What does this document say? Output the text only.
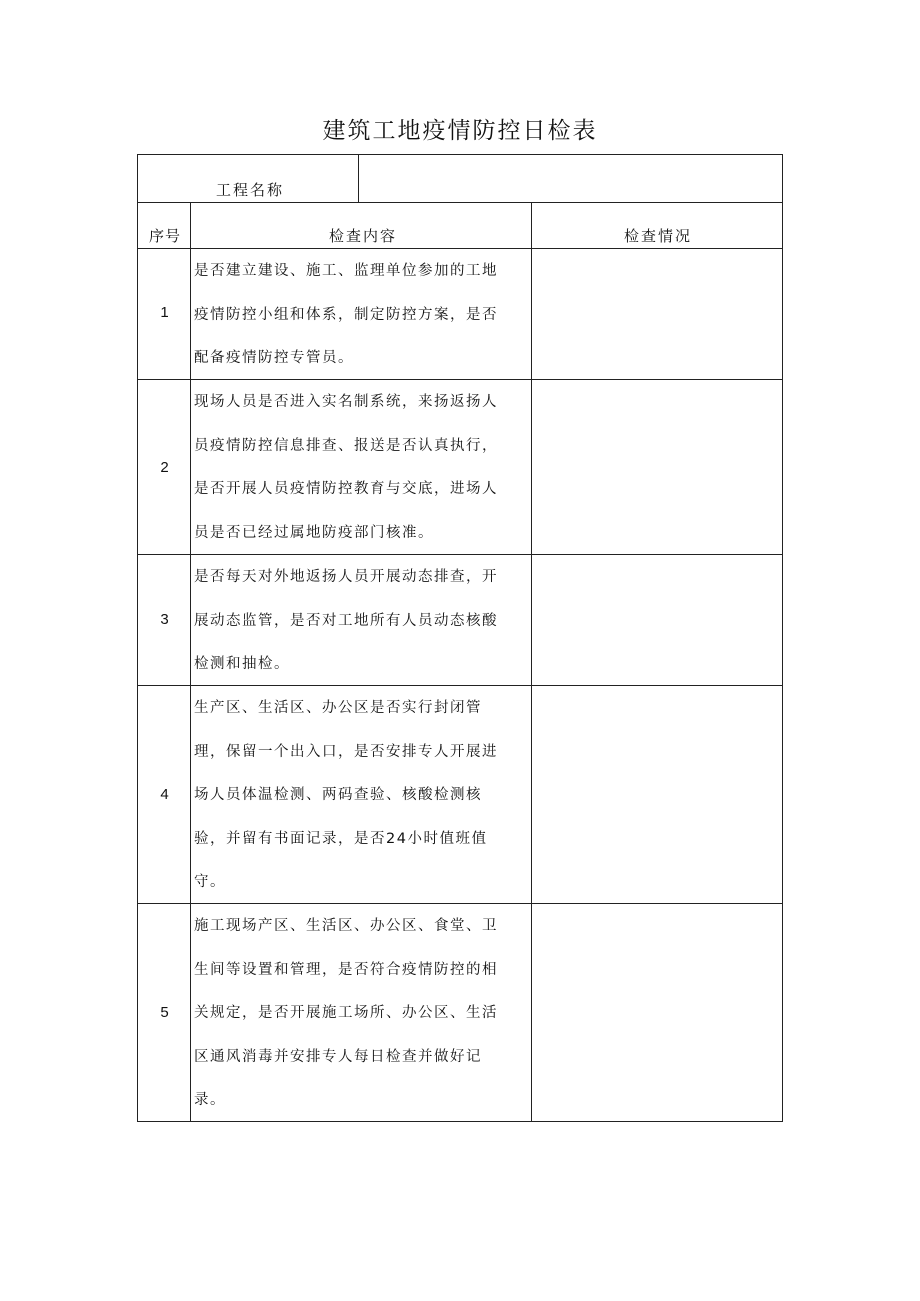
建筑工地疫情防控日检表
工程名称
序号	检查内容	检查情况
1
是否建立建设、施工、监理单位参加的工地
疫情防控小组和体系，制定防控方案，是否
配备疫情防控专管员。
2
现场人员是否进入实名制系统，来扬返扬人
员疫情防控信息排查、报送是否认真执行，
是否开展人员疫情防控教育与交底，进场人
员是否已经过属地防疫部门核准。
3
是否每天对外地返扬人员开展动态排查，开
展动态监管，是否对工地所有人员动态核酸
检测和抽检。
4
生产区、生活区、办公区是否实行封闭管
理，保留一个出入口，是否安排专人开展进
场人员体温检测、两码查验、核酸检测核
验，并留有书面记录，是否24小时值班值
守。
5
施工现场产区、生活区、办公区、食堂、卫
生间等设置和管理，是否符合疫情防控的相
关规定，是否开展施工场所、办公区、生活
区通风消毒并安排专人每日检查并做好记
录。
